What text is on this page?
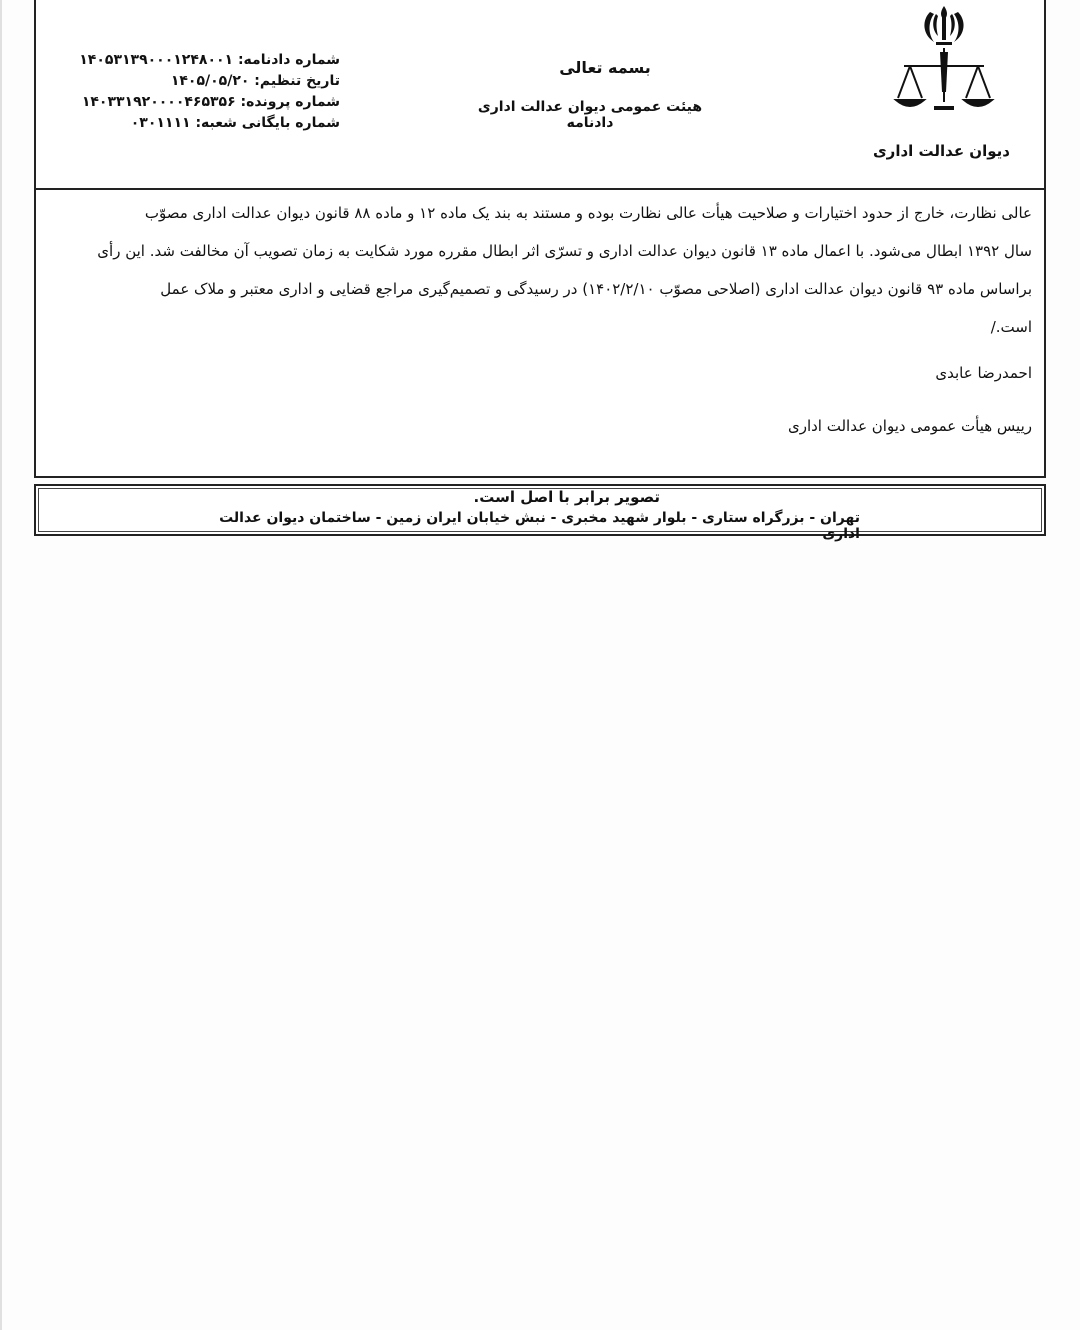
شماره دادنامه: ۱۴۰۵۳۱۳۹۰۰۰۱۲۴۸۰۰۱
تاریخ تنظیم: ۱۴۰۵/۰۵/۲۰
شماره پرونده: ۱۴۰۳۳۱۹۲۰۰۰۰۴۶۵۳۵۶
شماره بایگانی شعبه: ۰۳۰۱۱۱۱
بسمه تعالی
هیئت عمومی دیوان عدالت اداری
دادنامه
دیوان عدالت اداری
عالی نظارت، خارج از حدود اختیارات و صلاحیت هیأت عالی نظارت بوده و مستند به بند یک ماده ۱۲ و ماده ۸۸ قانون دیوان عدالت اداری مصوّب
سال ۱۳۹۲ ابطال می‌شود. با اعمال ماده ۱۳ قانون دیوان عدالت اداری و تسرّی اثر ابطال مقرره مورد شکایت به زمان تصویب آن مخالفت شد. این رأی
براساس ماده ۹۳ قانون دیوان عدالت اداری (اصلاحی مصوّب ۱۴۰۲/۲/۱۰) در رسیدگی و تصمیم‌گیری مراجع قضایی و اداری معتبر و ملاک عمل
است./
احمدرضا عابدی
رییس هیأت عمومی دیوان عدالت اداری
تصویر برابر با اصل است.
تهران - بزرگراه ستاری - بلوار شهید مخبری - نبش خیابان ایران زمین - ساختمان دیوان عدالت اداری
